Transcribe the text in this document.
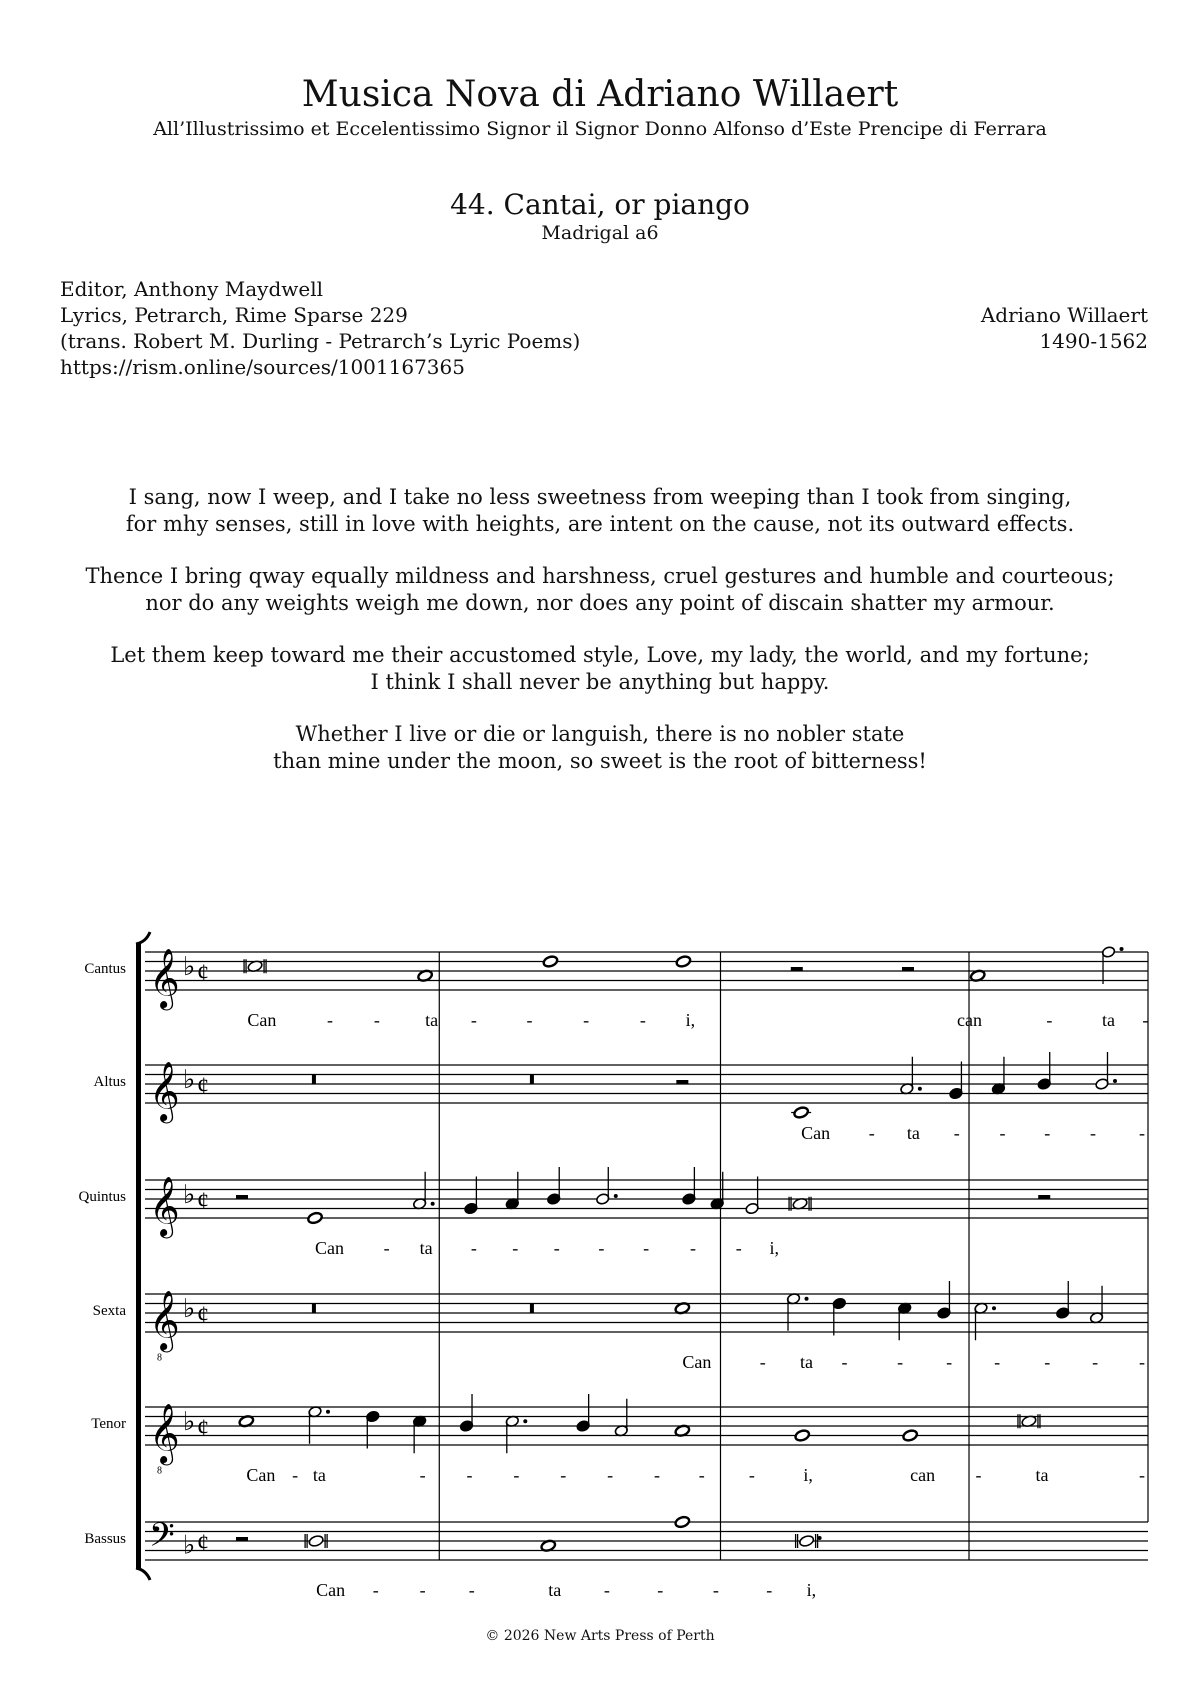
Musica Nova di Adriano Willaert
All’Illustrissimo et Eccelentissimo Signor il Signor Donno Alfonso d’Este Prencipe di Ferrara
44. Cantai, or piango
Madrigal a6
Editor, Anthony Maydwell
Lyrics, Petrarch, Rime Sparse 229
(trans. Robert M. Durling - Petrarch’s Lyric Poems)
https://rism.online/sources/1001167365
Adriano Willaert
1490-1562
I sang, now I weep, and I take no less sweetness from weeping than I took from singing,
for mhy senses, still in love with heights, are intent on the cause, not its outward effects.
Thence I bring qway equally mildness and harshness, cruel gestures and humble and courteous;
nor do any weights weigh me down, nor does any point of discain shatter my armour.
Let them keep toward me their accustomed style, Love, my lady, the world, and my fortune;
I think I shall never be anything but happy.
Whether I live or die or languish, there is no nobler state
than mine under the moon, so sweet is the root of bitterness!
Cantus 𝄞 ♭ ¢
Can	- -	ta -	-	-	- i,	can	-	ta -
Altus 𝄞 ♭ ¢
Can - ta - - - - -
Quintus 𝄞 ♭ ¢
Can - ta - - - - - - - i,
Sexta 𝄞
8
♭ ¢
Can	- ta -	- - - - - -
Tenor 𝄞
8
♭ ¢
Can - ta	- - - - - - - -	i,	can -	ta	-
Bassus 𝄢 ♭ ¢
Can - - -	ta -	-	-	- i,
© 2026 New Arts Press of Perth
